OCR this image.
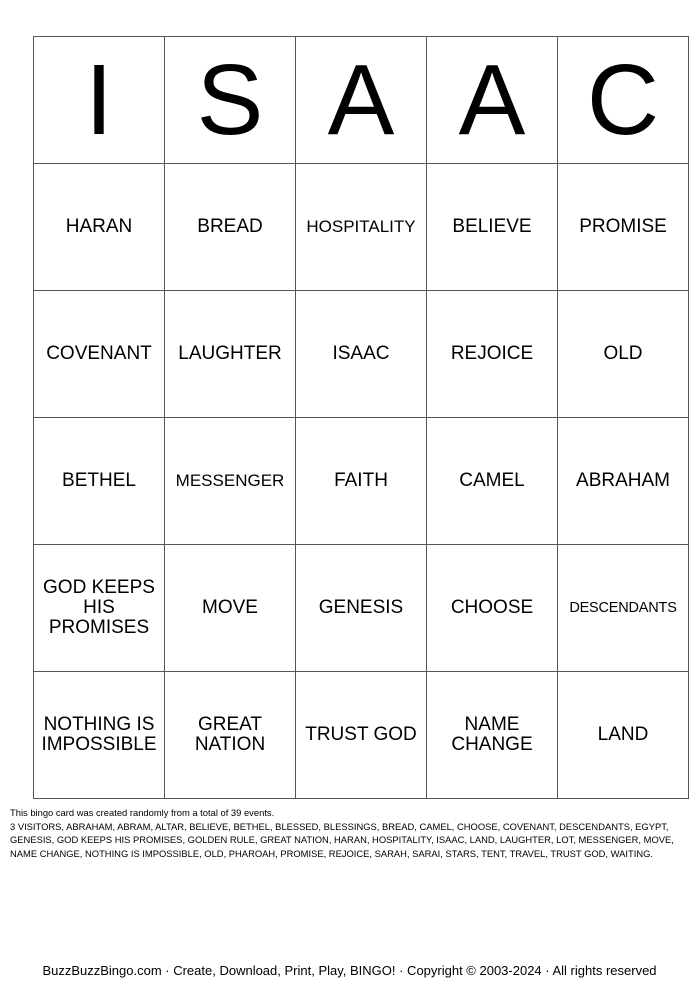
I	S	A	A	C
HARAN	BREAD	HOSPITALITY	BELIEVE	PROMISE
COVENANT	LAUGHTER	ISAAC	REJOICE	OLD
BETHEL	MESSENGER	FAITH	CAMEL	ABRAHAM
GOD KEEPS HIS PROMISES	MOVE	GENESIS	CHOOSE	DESCENDANTS
NOTHING IS IMPOSSIBLE	GREAT NATION	TRUST GOD	NAME CHANGE	LAND

This bingo card was created randomly from a total of 39 events.

3 VISITORS, ABRAHAM, ABRAM, ALTAR, BELIEVE, BETHEL, BLESSED, BLESSINGS, BREAD, CAMEL, CHOOSE, COVENANT, DESCENDANTS, EGYPT, GENESIS, GOD KEEPS HIS PROMISES, GOLDEN RULE, GREAT NATION, HARAN, HOSPITALITY, ISAAC, LAND, LAUGHTER, LOT, MESSENGER, MOVE, NAME CHANGE, NOTHING IS IMPOSSIBLE, OLD, PHAROAH, PROMISE, REJOICE, SARAH, SARAI, STARS, TENT, TRAVEL, TRUST GOD, WAITING.

BuzzBuzzBingo.com · Create, Download, Print, Play, BINGO! · Copyright © 2003-2024 · All rights reserved
